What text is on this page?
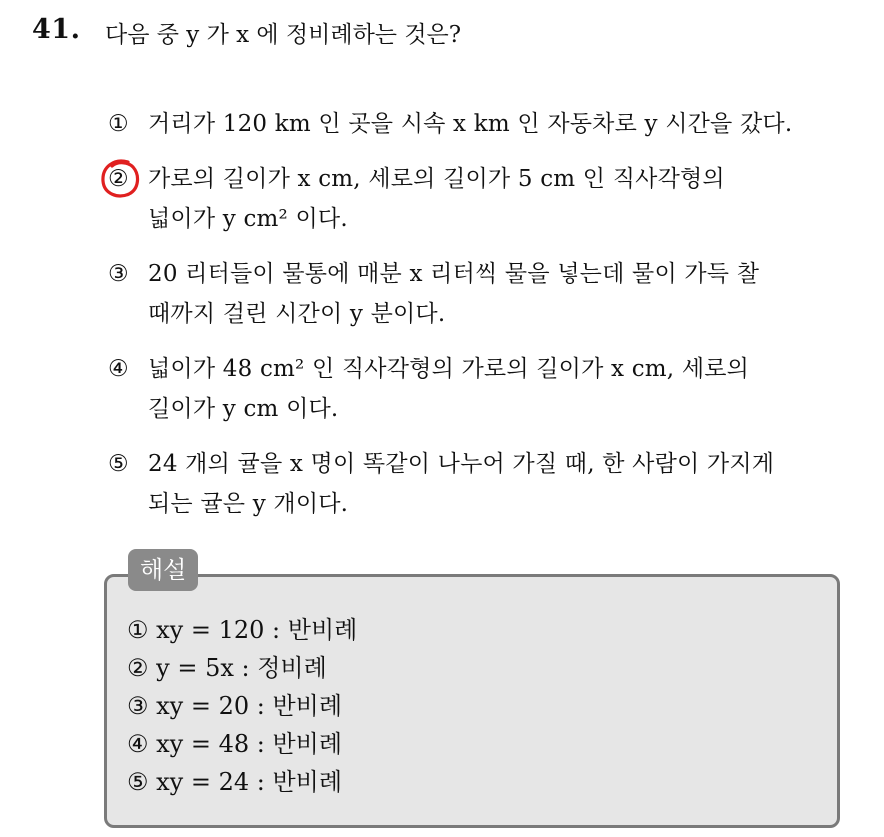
41. 다음 중 y 가 x 에 정비례하는 것은?
① 거리가 120 km 인 곳을 시속 x km 인 자동차로 y 시간을 갔다.
② 가로의 길이가 x cm, 세로의 길이가 5 cm 인 직사각형의
넓이가 y cm² 이다.
③ 20 리터들이 물통에 매분 x 리터씩 물을 넣는데 물이 가득 찰
때까지 걸린 시간이 y 분이다.
④ 넓이가 48 cm² 인 직사각형의 가로의 길이가 x cm, 세로의
길이가 y cm 이다.
⑤ 24 개의 귤을 x 명이 똑같이 나누어 가질 때, 한 사람이 가지게
되는 귤은 y 개이다.
해설
① xy = 120 : 반비례
② y = 5x : 정비례
③ xy = 20 : 반비례
④ xy = 48 : 반비례
⑤ xy = 24 : 반비례
